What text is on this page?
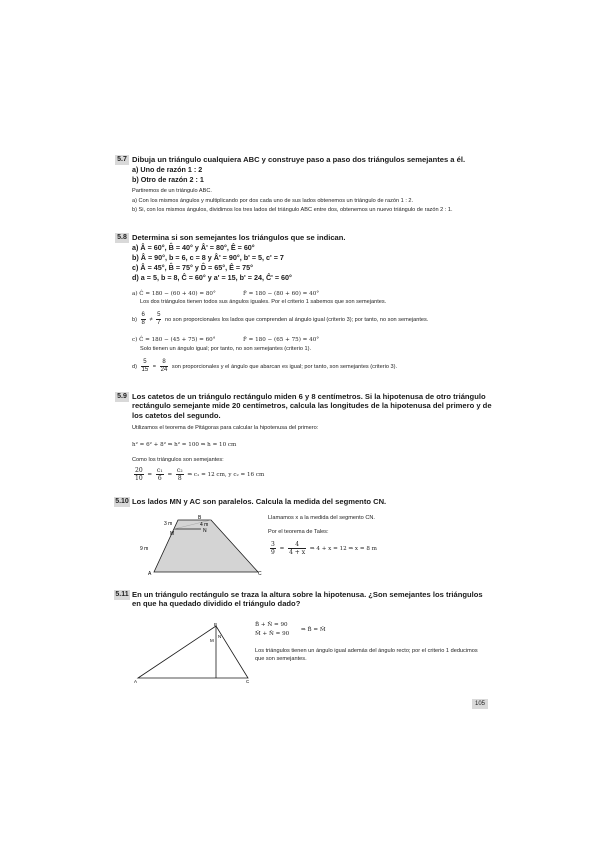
5.7 Dibuja un triángulo cualquiera ABC y construye paso a paso dos triángulos semejantes a él.
a) Uno de razón 1 : 2
b) Otro de razón 2 : 1
Partiremos de un triángulo ABC.
a) Con los mismos ángulos y multiplicando por dos cada uno de sus lados obtenemos un triángulo de razón 1 : 2.
b) Si, con los mismos ángulos, dividimos los tres lados del triángulo ABC entre dos, obtenemos un nuevo triángulo de razón 2 : 1.
5.8 Determina si son semejantes los triángulos que se indican.
a) Â = 60°, B̂ = 40° y Â' = 80°, Ê = 60°
b) Â = 90°, b = 6, c = 8 y Â' = 90°, b' = 5, c' = 7
c) Â = 45°, B̂ = 75° y D̂ = 65°, Ê = 75°
d) a = 5, b = 8, Ĉ = 60° y a' = 15, b' = 24, Ĉ' = 60°
a) Ĉ = 180 − (60 + 40) = 80°	F̂ = 180 − (80 + 60) = 40°
Los dos triángulos tienen todos sus ángulos iguales. Por el criterio 1 sabemos que son semejantes.
$b) \frac{6}{8} \ne \frac{5}{7}$ no son proporcionales los lados que comprenden al ángulo igual (criterio 3); por tanto, no son semejantes.
c) Ĉ = 180 − (45 + 75) = 60°	F̂ = 180 − (65 + 75) = 40°
Solo tienen un ángulo igual; por tanto, no son semejantes (criterio 1).
$d) \frac{5}{15} = \frac{8}{24}$ son proporcionales y el ángulo que abarcan es igual; por tanto, son semejantes (criterio 3).
5.9 Los catetos de un triángulo rectángulo miden 6 y 8 centímetros. Si la hipotenusa de otro triángulo rectángulo semejante mide 20 centímetros, calcula las longitudes de la hipotenusa del primero y de los catetos del segundo.
Utilizamos el teorema de Pitágoras para calcular la hipotenusa del primero:
h² = 6² + 8² ⇒ h² = 100 ⇒ h = 10 cm
Como los triángulos son semejantes:
$\frac{20}{10} = \frac{\text{c₁}}{6} = \frac{\text{c₂}}{8}$ ⇒ c₁ = 12 cm, y c₂ = 16 cm
5.10 Los lados MN y AC son paralelos. Calcula la medida del segmento CN.
B
M	N
A	C
3 m	4 m
9 m
Llamamos x a la medida del segmento CN.
Por el teorema de Tales:
$\frac{3}{9} = \frac{4}{4 + x}$ ⇒ 4 + x = 12 ⇒ x = 8 m
5.11 En un triángulo rectángulo se traza la altura sobre la hipotenusa. ¿Son semejantes los triángulos en que ha quedado dividido el triángulo dado?
B
M
N
A	C
B̂ + N̂ = 90
M̂ + N̂ = 90
⇒ B̂ = M̂
Los triángulos tienen un ángulo igual además del ángulo recto; por el criterio 1 deducimos que son semejantes.
105
